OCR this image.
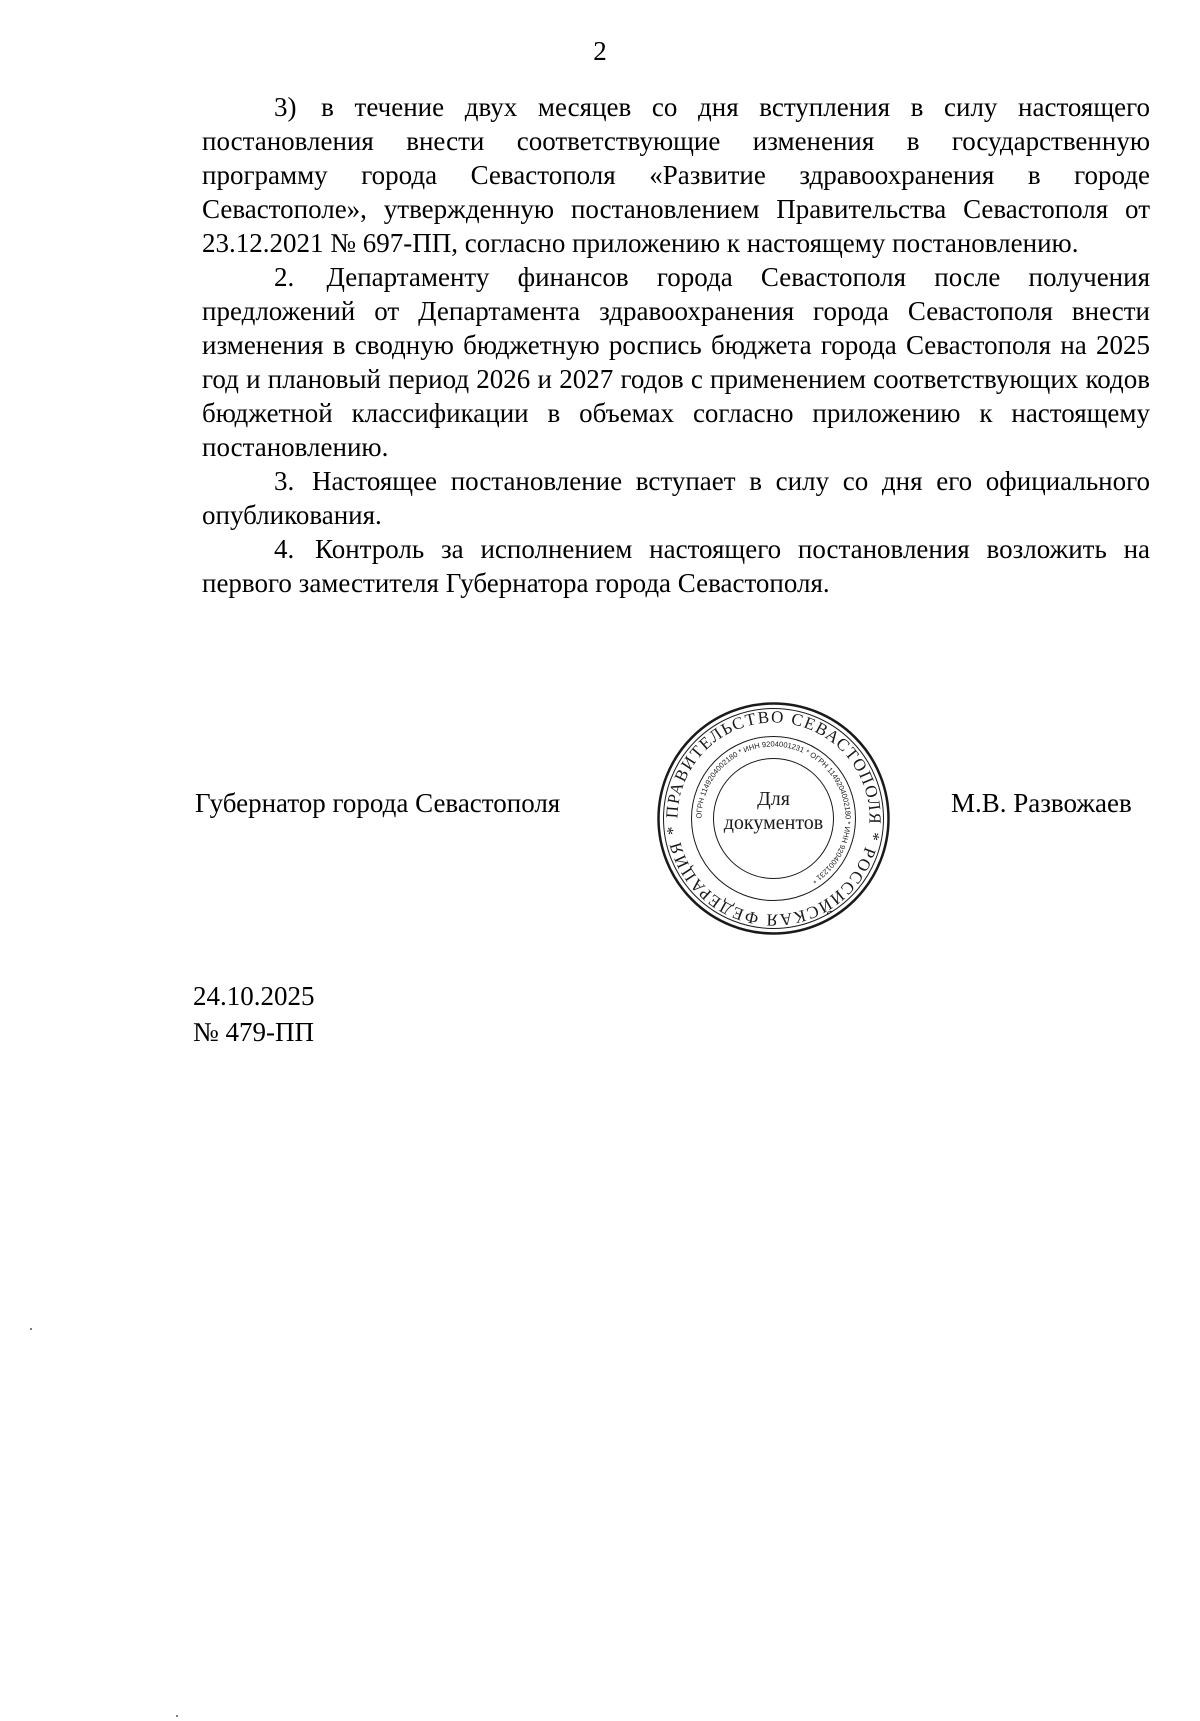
2

3) в течение двух месяцев со дня вступления в силу настоящего постановления внести соответствующие изменения в государственную программу города Севастополя «Развитие здравоохранения в городе Севастополе», утвержденную постановлением Правительства Севастополя от 23.12.2021 № 697-ПП, согласно приложению к настоящему постановлению.

2. Департаменту финансов города Севастополя после получения предложений от Департамента здравоохранения города Севастополя внести изменения в сводную бюджетную роспись бюджета города Севастополя на 2025 год и плановый период 2026 и 2027 годов с применением соответствующих кодов бюджетной классификации в объемах согласно приложению к настоящему постановлению.

3. Настоящее постановление вступает в силу со дня его официального опубликования.

4. Контроль за исполнением настоящего постановления возложить на первого заместителя Губернатора города Севастополя.

Губернатор города Севастополя	ПРАВИТЕЛЬСТВО СЕВАСТОПОЛЯ * РОССИЙСКАЯ ФЕДЕРАЦИЯ *
ОГРН 1149204002180 * ИНН 9204001231 * ОГРН 1149204002180 * ИНН 9204001231 *
Для
документов
М.В. Развожаев
24.10.2025
№ 479-ПП
